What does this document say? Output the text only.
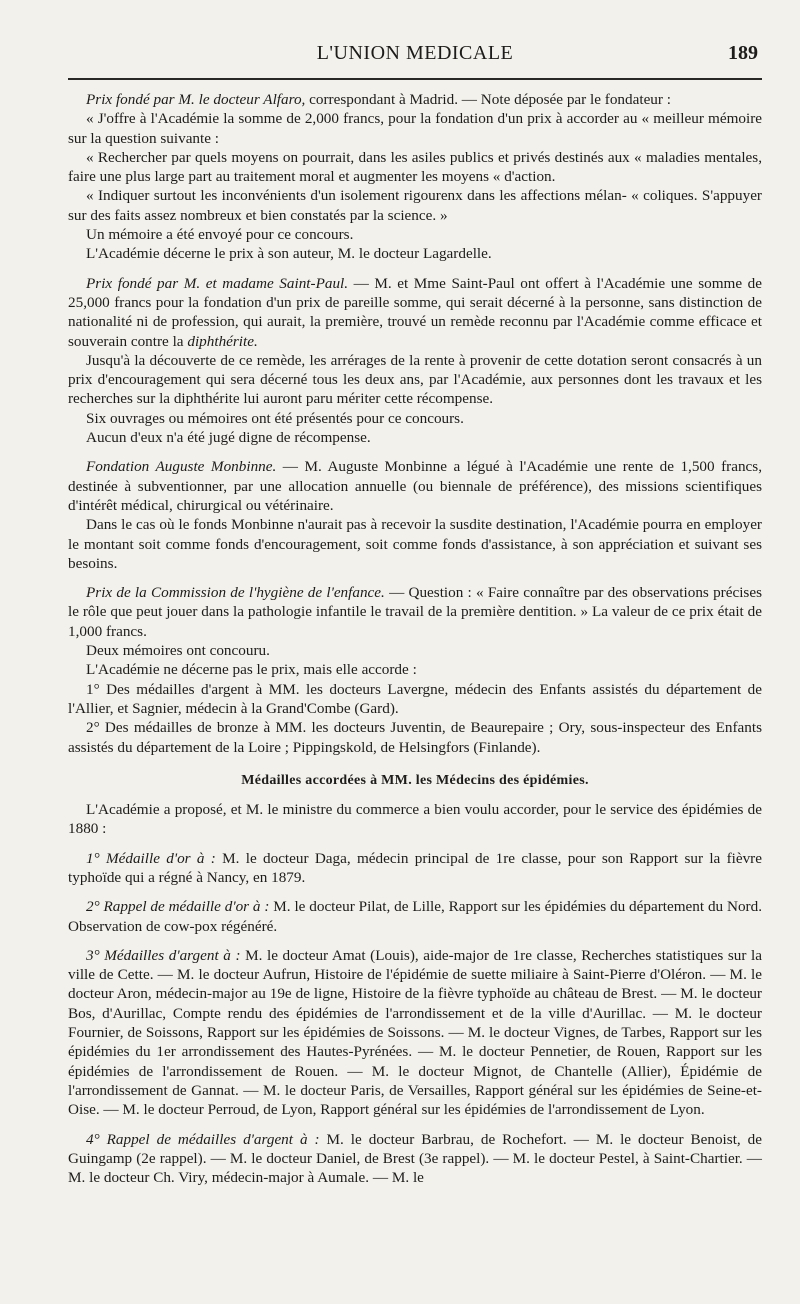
L'UNION MEDICALE	189

Prix fondé par M. le docteur Alfaro, correspondant à Madrid. — Note déposée par le fondateur :

« J'offre à l'Académie la somme de 2,000 francs, pour la fondation d'un prix à accorder au « meilleur mémoire sur la question suivante :

« Rechercher par quels moyens on pourrait, dans les asiles publics et privés destinés aux « maladies mentales, faire une plus large part au traitement moral et augmenter les moyens « d'action.

« Indiquer surtout les inconvénients d'un isolement rigourenx dans les affections mélan- « coliques. S'appuyer sur des faits assez nombreux et bien constatés par la science. »

Un mémoire a été envoyé pour ce concours.

L'Académie décerne le prix à son auteur, M. le docteur Lagardelle.

Prix fondé par M. et madame Saint-Paul. — M. et Mme Saint-Paul ont offert à l'Académie une somme de 25,000 francs pour la fondation d'un prix de pareille somme, qui serait décerné à la personne, sans distinction de nationalité ni de profession, qui aurait, la première, trouvé un remède reconnu par l'Académie comme efficace et souverain contre la diphthérite.

Jusqu'à la découverte de ce remède, les arrérages de la rente à provenir de cette dotation seront consacrés à un prix d'encouragement qui sera décerné tous les deux ans, par l'Académie, aux personnes dont les travaux et les recherches sur la diphthérite lui auront paru mériter cette récompense.

Six ouvrages ou mémoires ont été présentés pour ce concours.

Aucun d'eux n'a été jugé digne de récompense.

Fondation Auguste Monbinne. — M. Auguste Monbinne a légué à l'Académie une rente de 1,500 francs, destinée à subventionner, par une allocation annuelle (ou biennale de préférence), des missions scientifiques d'intérêt médical, chirurgical ou vétérinaire.

Dans le cas où le fonds Monbinne n'aurait pas à recevoir la susdite destination, l'Académie pourra en employer le montant soit comme fonds d'encouragement, soit comme fonds d'assistance, à son appréciation et suivant ses besoins.

Prix de la Commission de l'hygiène de l'enfance. — Question : « Faire connaître par des observations précises le rôle que peut jouer dans la pathologie infantile le travail de la première dentition. » La valeur de ce prix était de 1,000 francs.

Deux mémoires ont concouru.

L'Académie ne décerne pas le prix, mais elle accorde :

1° Des médailles d'argent à MM. les docteurs Lavergne, médecin des Enfants assistés du département de l'Allier, et Sagnier, médecin à la Grand'Combe (Gard).

2° Des médailles de bronze à MM. les docteurs Juventin, de Beaurepaire ; Ory, sous-inspecteur des Enfants assistés du département de la Loire ; Pippingskold, de Helsingfors (Finlande).

Médailles accordées à MM. les Médecins des épidémies.

L'Académie a proposé, et M. le ministre du commerce a bien voulu accorder, pour le service des épidémies de 1880 :

1° Médaille d'or à : M. le docteur Daga, médecin principal de 1re classe, pour son Rapport sur la fièvre typhoïde qui a régné à Nancy, en 1879.

2° Rappel de médaille d'or à : M. le docteur Pilat, de Lille, Rapport sur les épidémies du département du Nord. Observation de cow-pox régénéré.

3° Médailles d'argent à : M. le docteur Amat (Louis), aide-major de 1re classe, Recherches statistiques sur la ville de Cette. — M. le docteur Aufrun, Histoire de l'épidémie de suette miliaire à Saint-Pierre d'Oléron. — M. le docteur Aron, médecin-major au 19e de ligne, Histoire de la fièvre typhoïde au château de Brest. — M. le docteur Bos, d'Aurillac, Compte rendu des épidémies de l'arrondissement et de la ville d'Aurillac. — M. le docteur Fournier, de Soissons, Rapport sur les épidémies de Soissons. — M. le docteur Vignes, de Tarbes, Rapport sur les épidémies du 1er arrondissement des Hautes-Pyrénées. — M. le docteur Pennetier, de Rouen, Rapport sur les épidémies de l'arrondissement de Rouen. — M. le docteur Mignot, de Chantelle (Allier), Épidémie de l'arrondissement de Gannat. — M. le docteur Paris, de Versailles, Rapport général sur les épidémies de Seine-et-Oise. — M. le docteur Perroud, de Lyon, Rapport général sur les épidémies de l'arrondissement de Lyon.

4° Rappel de médailles d'argent à : M. le docteur Barbrau, de Rochefort. — M. le docteur Benoist, de Guingamp (2e rappel). — M. le docteur Daniel, de Brest (3e rappel). — M. le docteur Pestel, à Saint-Chartier. — M. le docteur Ch. Viry, médecin-major à Aumale. — M. le
